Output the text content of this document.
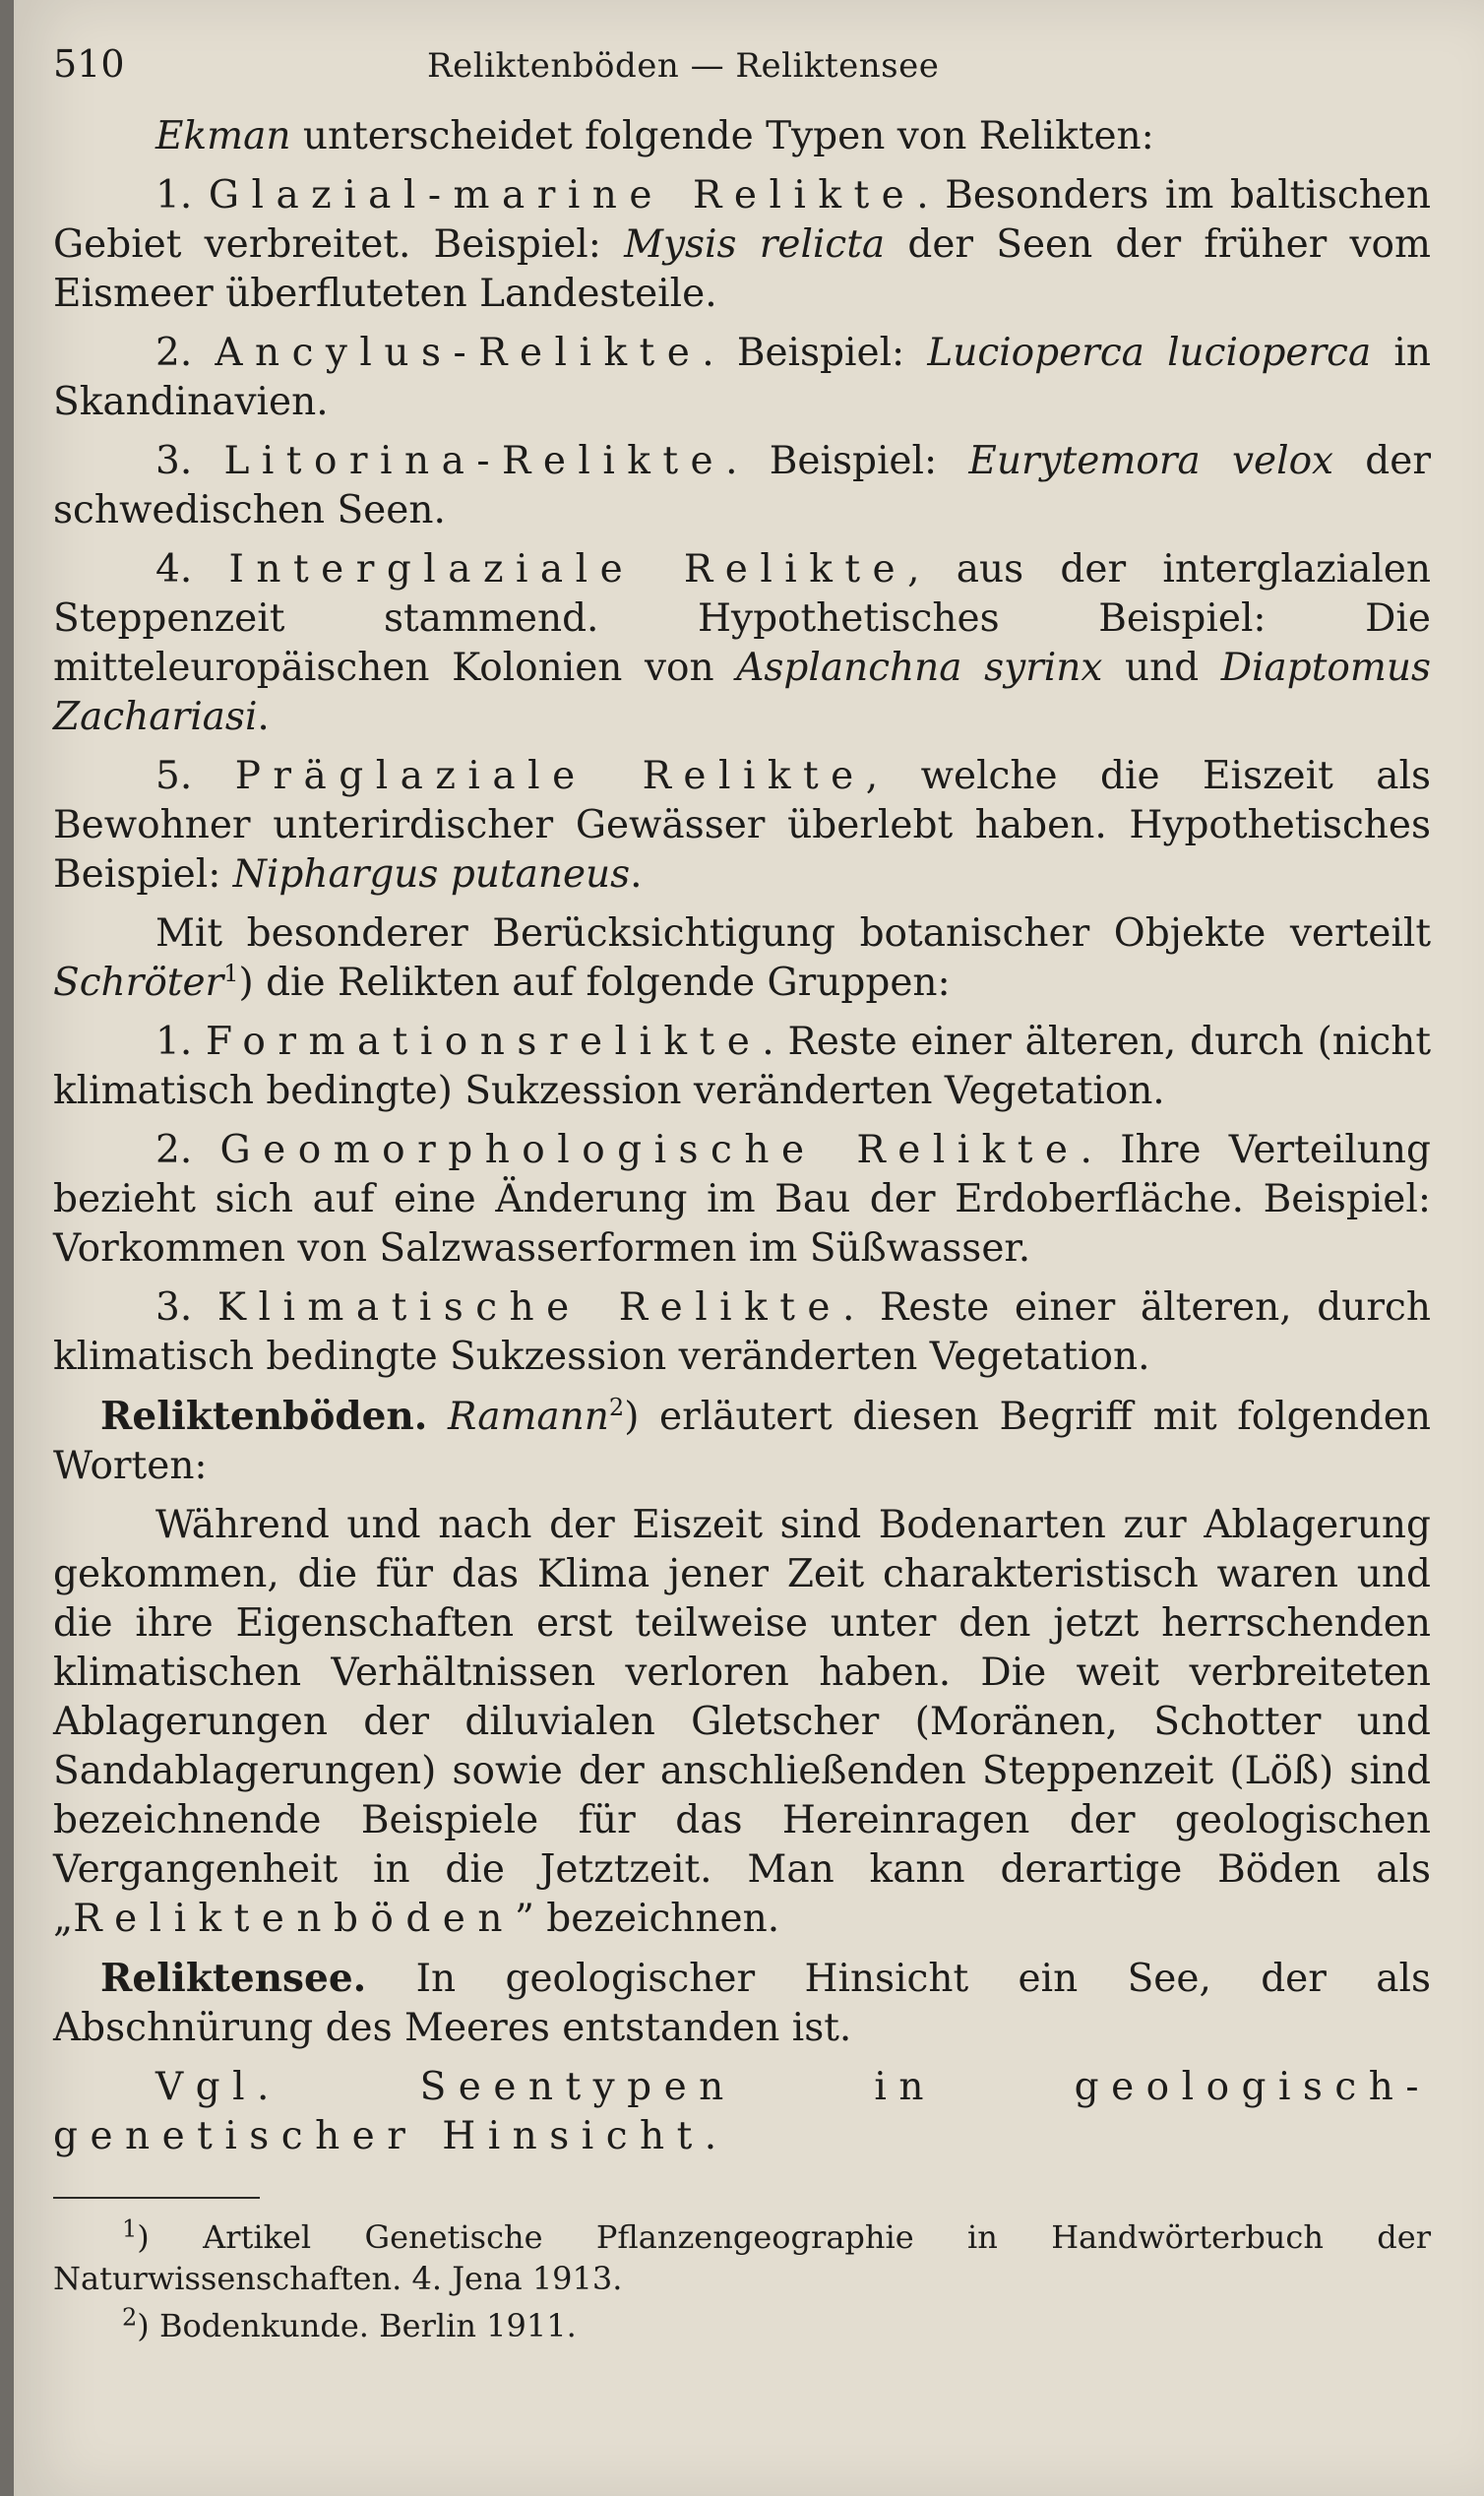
510	Reliktenböden — Reliktensee

Ekman unterscheidet folgende Typen von Relikten:

1. Glazial-marine Relikte. Besonders im baltischen Gebiet verbreitet. Beispiel: Mysis relicta der Seen der früher vom Eismeer überfluteten Landesteile.

2. Ancylus-Relikte. Beispiel: Lucioperca lucioperca in Skandinavien.

3. Litorina-Relikte. Beispiel: Eurytemora velox der schwedischen Seen.

4. Interglaziale Relikte, aus der interglazialen Steppenzeit stammend. Hypothetisches Beispiel: Die mitteleuropäischen Kolonien von Asplanchna syrinx und Diaptomus Zachariasi.

5. Präglaziale Relikte, welche die Eiszeit als Bewohner unterirdischer Gewässer überlebt haben. Hypothetisches Beispiel: Niphargus putaneus.

Mit besonderer Berücksichtigung botanischer Objekte verteilt Schröter$^1$) die Relikten auf folgende Gruppen:

1. Formationsrelikte. Reste einer älteren, durch (nicht klimatisch bedingte) Sukzession veränderten Vegetation.

2. Geomorphologische Relikte. Ihre Verteilung bezieht sich auf eine Änderung im Bau der Erdoberfläche. Beispiel: Vorkommen von Salzwasserformen im Süßwasser.

3. Klimatische Relikte. Reste einer älteren, durch klimatisch bedingte Sukzession veränderten Vegetation.

Reliktenböden. Ramann$^2$) erläutert diesen Begriff mit folgenden Worten:

Während und nach der Eiszeit sind Bodenarten zur Ablagerung gekommen, die für das Klima jener Zeit charakteristisch waren und die ihre Eigenschaften erst teilweise unter den jetzt herrschenden klimatischen Verhältnissen verloren haben. Die weit verbreiteten Ablagerungen der diluvialen Gletscher (Moränen, Schotter und Sandablagerungen) sowie der anschließenden Steppenzeit (Löß) sind bezeichnende Beispiele für das Hereinragen der geologischen Vergangenheit in die Jetztzeit. Man kann derartige Böden als „Reliktenböden” bezeichnen.

Reliktensee. In geologischer Hinsicht ein See, der als Abschnürung des Meeres entstanden ist.

Vgl. Seentypen in geologisch-genetischer Hinsicht.

$^1$) Artikel Genetische Pflanzengeographie in Handwörterbuch der Naturwissenschaften. 4. Jena 1913.

$^2$) Bodenkunde. Berlin 1911.
